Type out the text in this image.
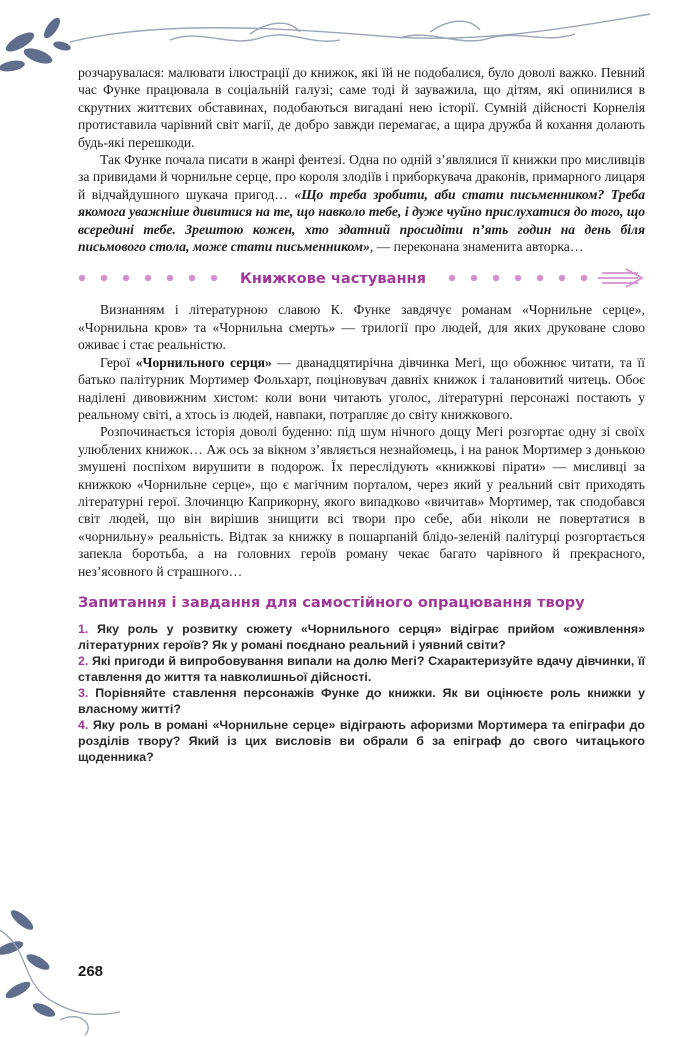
розчарувалася: малювати ілюстрації до книжок, які їй не подобалися, було доволі важко. Певний час Функе працювала в соціальній галузі; саме тоді й зауважила, що дітям, які опинилися в скрутних життєвих обставинах, подобаються вигадані нею історії. Сумній дійсності Корнелія протиставила чарівний світ магії, де добро завжди перемагає, а щира дружба й кохання долають будь-які перешкоди.

Так Функе почала писати в жанрі фентезі. Одна по одній з’являлися її книжки про мисливців за привидами й чорнильне серце, про короля злодіїв і приборкувача драконів, примарного лицаря й відчайдушного шукача пригод… «Що треба зробити, аби стати письменником? Треба якомога уважніше дивитися на те, що навколо тебе, і дуже чуйно прислухатися до того, що всередині тебе. Зрештою кожен, хто здатний просидіти п’ять годин на день біля письмового стола, може стати письменником», — переконана знаменита авторка…

Книжкове частування

Визнанням і літературною славою К. Функе завдячує романам «Чорнильне серце», «Чорнильна кров» та «Чорнильна смерть» — трилогії про людей, для яких друковане слово оживає і стає реальністю.

Герої «Чорнильного серця» — дванадцятирічна дівчинка Мегі, що обожнює читати, та її батько палітурник Мортимер Фольхарт, поціновувач давніх книжок і талановитий читець. Обоє наділені дивовижним хистом: коли вони читають уголос, літературні персонажі постають у реальному світі, а хтось із людей, навпаки, потрапляє до світу книжкового.

Розпочинається історія доволі буденно: під шум нічного дощу Мегі розгортає одну зі своїх улюблених книжок… Аж ось за вікном з’являється незнайомець, і на ранок Мортимер з донькою змушені поспіхом вирушити в подорож. Їх переслідують «книжкові пірати» — мисливці за книжкою «Чорнильне серце», що є магічним порталом, через який у реальний світ приходять літературні герої. Злочинцю Каприкорну, якого випадково «вичитав» Мортимер, так сподобався світ людей, що він вирішив знищити всі твори про себе, аби ніколи не повертатися в «чорнильну» реальність. Відтак за книжку в пошарпаній блідо-зеленій палітурці розгортається запекла боротьба, а на головних героїв роману чекає багато чарівного й прекрасного, нез’ясовного й страшного…

Запитання і завдання для самостійного опрацювання твору

1. Яку роль у розвитку сюжету «Чорнильного серця» відіграє прийом «оживлення» літературних героїв? Як у романі поєднано реальний і уявний світи?

2. Які пригоди й випробовування випали на долю Мегі? Схарактеризуйте вдачу дівчинки, її ставлення до життя та навколишньої дійсності.

3. Порівняйте ставлення персонажів Функе до книжки. Як ви оцінюєте роль книжки у власному житті?

4. Яку роль в романі «Чорнильне серце» відіграють афоризми Мортимера та епіграфи до розділів твору? Який із цих висловів ви обрали б за епіграф до свого читацького щоденника?

268
